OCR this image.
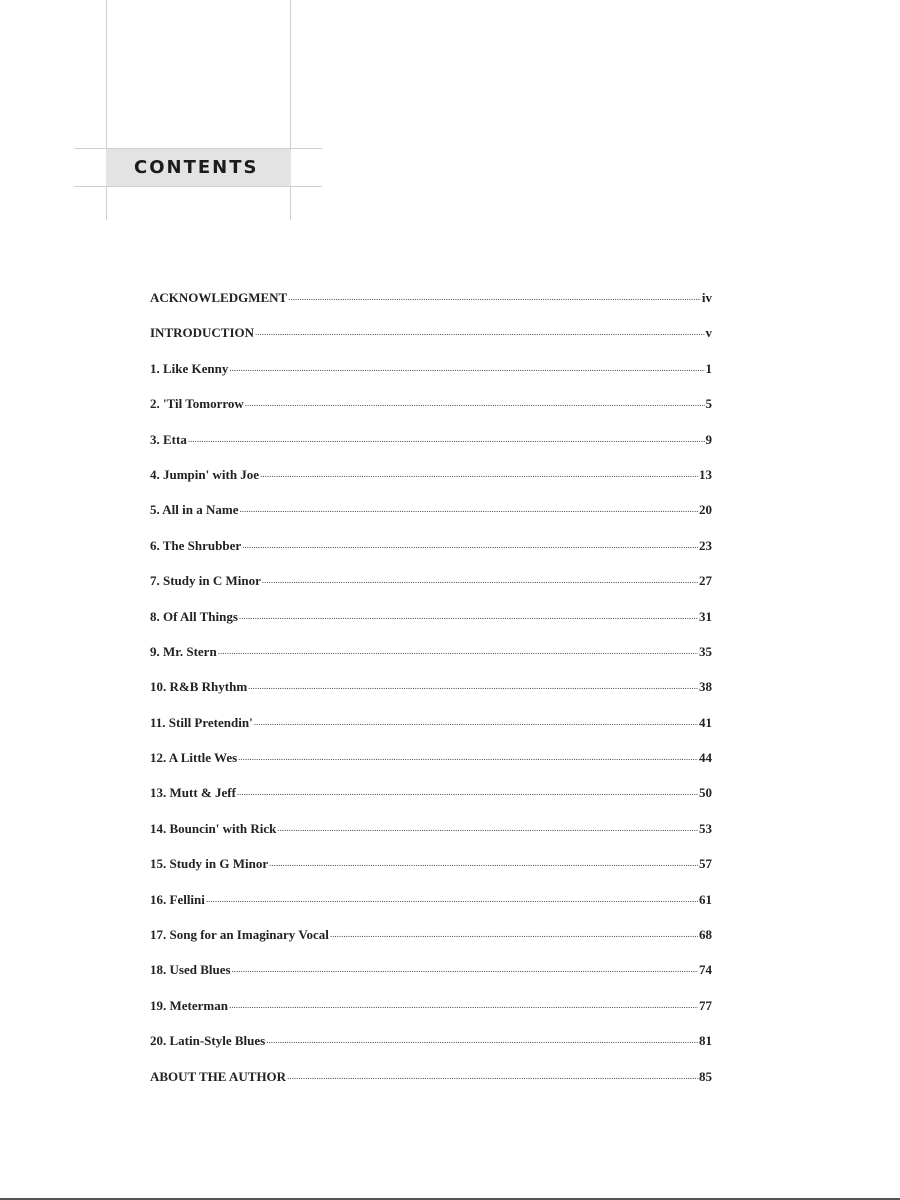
CONTENTS
ACKNOWLEDGMENT .....	iv
INTRODUCTION .....	v
1. Like Kenny .....	1
2. 'Til Tomorrow .....	5
3. Etta .....	9
4. Jumpin' with Joe .....	13
5. All in a Name .....	20
6. The Shrubber .....	23
7. Study in C Minor .....	27
8. Of All Things .....	31
9. Mr. Stern .....	35
10. R&B Rhythm .....	38
11. Still Pretendin' .....	41
12. A Little Wes .....	44
13. Mutt & Jeff .....	50
14. Bouncin' with Rick .....	53
15. Study in G Minor .....	57
16. Fellini .....	61
17. Song for an Imaginary Vocal .....	68
18. Used Blues .....	74
19. Meterman .....	77
20. Latin-Style Blues .....	81
ABOUT THE AUTHOR .....	85
